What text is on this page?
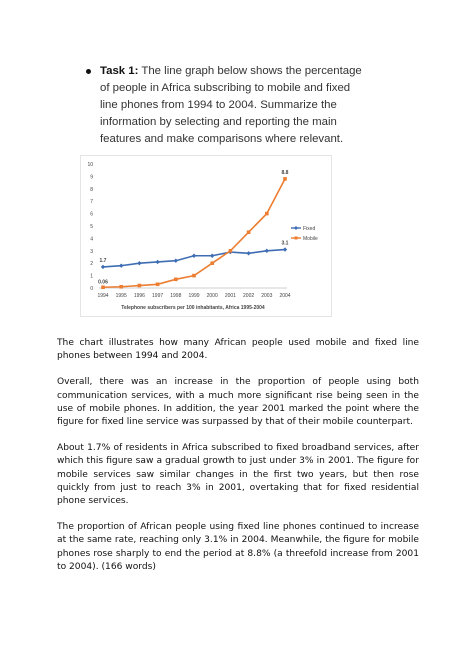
Task 1: The line graph below shows the percentage of people in Africa subscribing to mobile and fixed line phones from 1994 to 2004. Summarize the information by selecting and reporting the main features and make comparisons where relevant.

0
1
2
3
4
5
6
7
8
9
10
1994 1995 1996 1997 1998 1999 2000 2001 2002 2003 2004
Telephone subscribers per 100 inhabitants, Africa 1995-2004
1.7
0.06
3.1
8.8
Fixed
Mobile

The chart illustrates how many African people used mobile and fixed line phones between 1994 and 2004.

Overall, there was an increase in the proportion of people using both communication services, with a much more significant rise being seen in the use of mobile phones. In addition, the year 2001 marked the point where the figure for fixed line service was surpassed by that of their mobile counterpart.

About 1.7% of residents in Africa subscribed to fixed broadband services, after which this figure saw a gradual growth to just under 3% in 2001. The figure for mobile services saw similar changes in the first two years, but then rose quickly from just to reach 3% in 2001, overtaking that for fixed residential phone services.

The proportion of African people using fixed line phones continued to increase at the same rate, reaching only 3.1% in 2004. Meanwhile, the figure for mobile phones rose sharply to end the period at 8.8% (a threefold increase from 2001 to 2004). (166 words)
